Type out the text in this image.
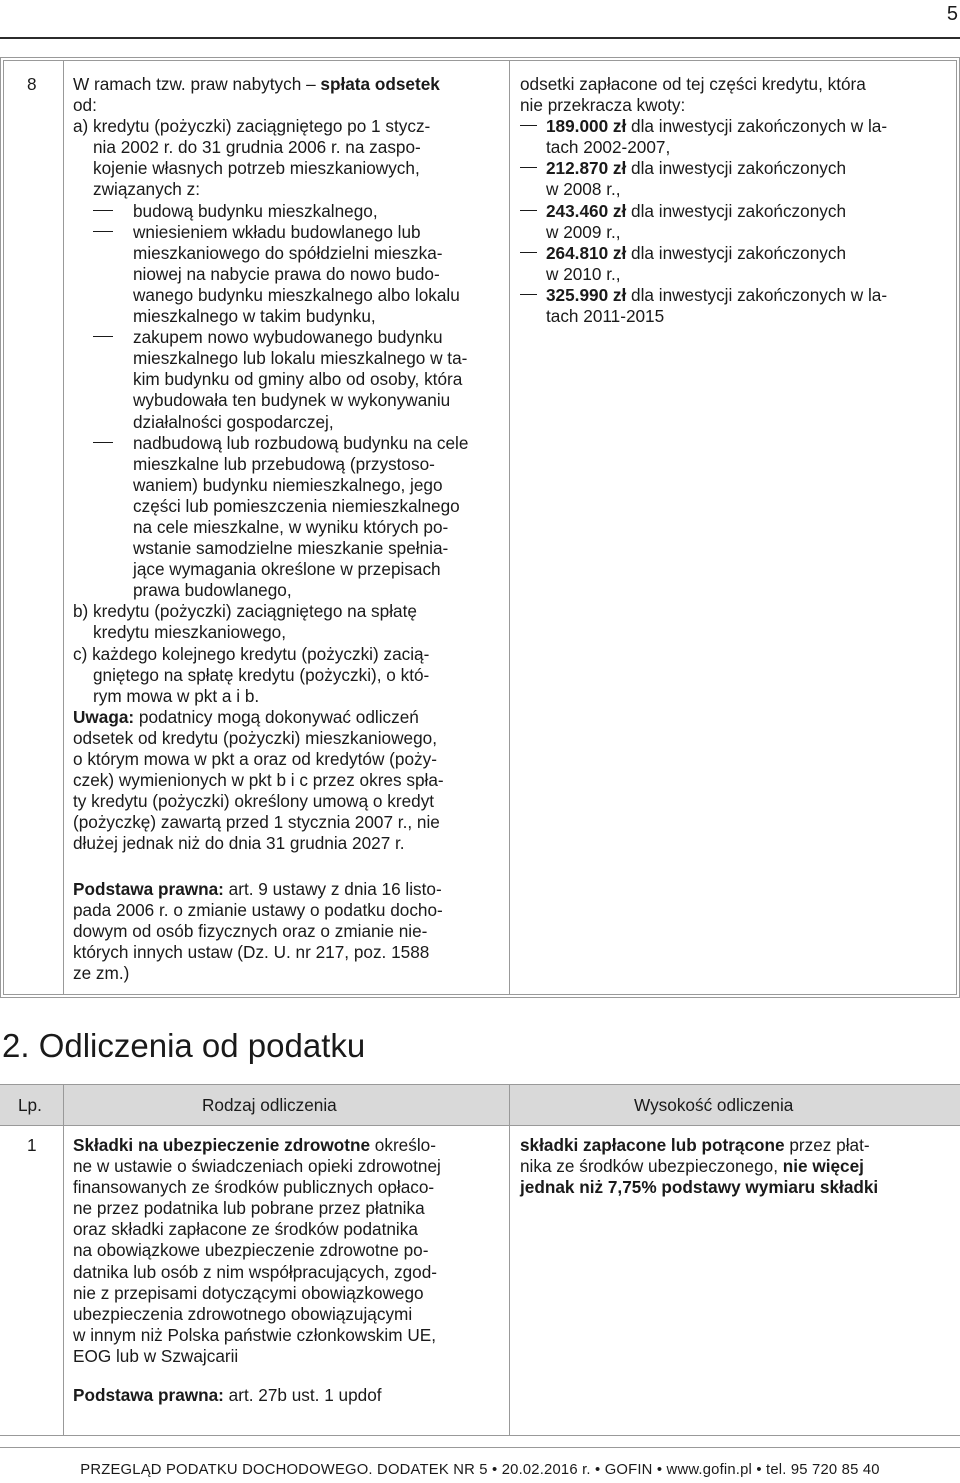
5
8 W ramach tzw. praw nabytych – spłata odsetek
od:
a) kredytu (pożyczki) zaciągniętego po 1 stycz-
nia 2002 r. do 31 grudnia 2006 r. na zaspo-
kojenie własnych potrzeb mieszkaniowych,
związanych z:
budową budynku mieszkalnego,
wniesieniem wkładu budowlanego lub
mieszkaniowego do spółdzielni mieszka-
niowej na nabycie prawa do nowo budo-
wanego budynku mieszkalnego albo lokalu
mieszkalnego w takim budynku,
zakupem nowo wybudowanego budynku
mieszkalnego lub lokalu mieszkalnego w ta-
kim budynku od gminy albo od osoby, która
wybudowała ten budynek w wykonywaniu
działalności gospodarczej,
nadbudową lub rozbudową budynku na cele
mieszkalne lub przebudową (przystoso-
waniem) budynku niemieszkalnego, jego
części lub pomieszczenia niemieszkalnego
na cele mieszkalne, w wyniku których po-
wstanie samodzielne mieszkanie spełnia-
jące wymagania określone w przepisach
prawa budowlanego,
b) kredytu (pożyczki) zaciągniętego na spłatę
kredytu mieszkaniowego,
c) każdego kolejnego kredytu (pożyczki) zacią-
gniętego na spłatę kredytu (pożyczki), o któ-
rym mowa w pkt a i b.
Uwaga: podatnicy mogą dokonywać odliczeń
odsetek od kredytu (pożyczki) mieszkaniowego,
o którym mowa w pkt a oraz od kredytów (poży-
czek) wymienionych w pkt b i c przez okres spła-
ty kredytu (pożyczki) określony umową o kredyt
(pożyczkę) zawartą przed 1 stycznia 2007 r., nie
dłużej jednak niż do dnia 31 grudnia 2027 r.
Podstawa prawna: art. 9 ustawy z dnia 16 listo-
pada 2006 r. o zmianie ustawy o podatku docho-
dowym od osób fizycznych oraz o zmianie nie-
których innych ustaw (Dz. U. nr 217, poz. 1588
ze zm.)
odsetki zapłacone od tej części kredytu, która
nie przekracza kwoty:
189.000 zł dla inwestycji zakończonych w la-
tach 2002-2007,
212.870 zł dla inwestycji zakończonych
w 2008 r.,
243.460 zł dla inwestycji zakończonych
w 2009 r.,
264.810 zł dla inwestycji zakończonych
w 2010 r.,
325.990 zł dla inwestycji zakończonych w la-
tach 2011-2015
2. Odliczenia od podatku
Lp.	Rodzaj odliczenia	Wysokość odliczenia
1 Składki na ubezpieczenie zdrowotne określo-
ne w ustawie o świadczeniach opieki zdrowotnej
finansowanych ze środków publicznych opłaco-
ne przez podatnika lub pobrane przez płatnika
oraz składki zapłacone ze środków podatnika
na obowiązkowe ubezpieczenie zdrowotne po-
datnika lub osób z nim współpracujących, zgod-
nie z przepisami dotyczącymi obowiązkowego
ubezpieczenia zdrowotnego obowiązującymi
w innym niż Polska państwie członkowskim UE,
EOG lub w Szwajcarii
Podstawa prawna: art. 27b ust. 1 updof
składki zapłacone lub potrącone przez płat-
nika ze środków ubezpieczonego, nie więcej
jednak niż 7,75% podstawy wymiaru składki
PRZEGLĄD PODATKU DOCHODOWEGO. DODATEK NR 5 • 20.02.2016 r. • GOFIN • www.gofin.pl • tel. 95 720 85 40
